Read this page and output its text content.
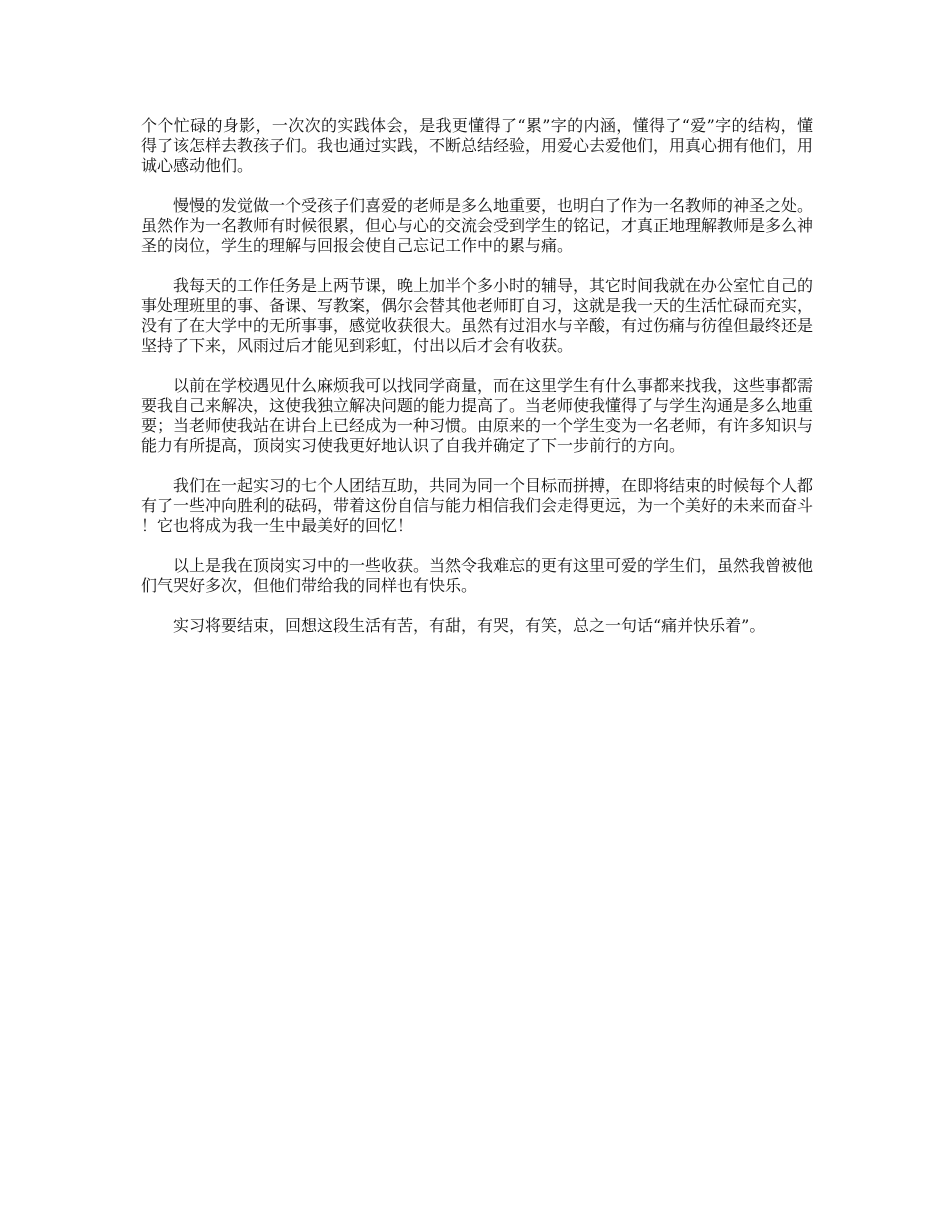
个个忙碌的身影，一次次的实践体会，是我更懂得了“累”字的内涵，懂得了“爱”字的结构，懂得了该怎样去教孩子们。我也通过实践，不断总结经验，用爱心去爱他们，用真心拥有他们，用诚心感动他们。

慢慢的发觉做一个受孩子们喜爱的老师是多么地重要，也明白了作为一名教师的神圣之处。虽然作为一名教师有时候很累，但心与心的交流会受到学生的铭记，才真正地理解教师是多么神圣的岗位，学生的理解与回报会使自己忘记工作中的累与痛。

我每天的工作任务是上两节课，晚上加半个多小时的辅导，其它时间我就在办公室忙自己的事处理班里的事、备课、写教案，偶尔会替其他老师盯自习，这就是我一天的生活忙碌而充实，没有了在大学中的无所事事，感觉收获很大。虽然有过泪水与辛酸，有过伤痛与彷徨但最终还是坚持了下来，风雨过后才能见到彩虹，付出以后才会有收获。

以前在学校遇见什么麻烦我可以找同学商量，而在这里学生有什么事都来找我，这些事都需要我自己来解决，这使我独立解决问题的能力提高了。当老师使我懂得了与学生沟通是多么地重要；当老师使我站在讲台上已经成为一种习惯。由原来的一个学生变为一名老师，有许多知识与能力有所提高，顶岗实习使我更好地认识了自我并确定了下一步前行的方向。

我们在一起实习的七个人团结互助，共同为同一个目标而拼搏，在即将结束的时候每个人都有了一些冲向胜利的砝码，带着这份自信与能力相信我们会走得更远，为一个美好的未来而奋斗！它也将成为我一生中最美好的回忆！

以上是我在顶岗实习中的一些收获。当然令我难忘的更有这里可爱的学生们，虽然我曾被他们气哭好多次，但他们带给我的同样也有快乐。

实习将要结束，回想这段生活有苦，有甜，有哭，有笑，总之一句话“痛并快乐着”。
